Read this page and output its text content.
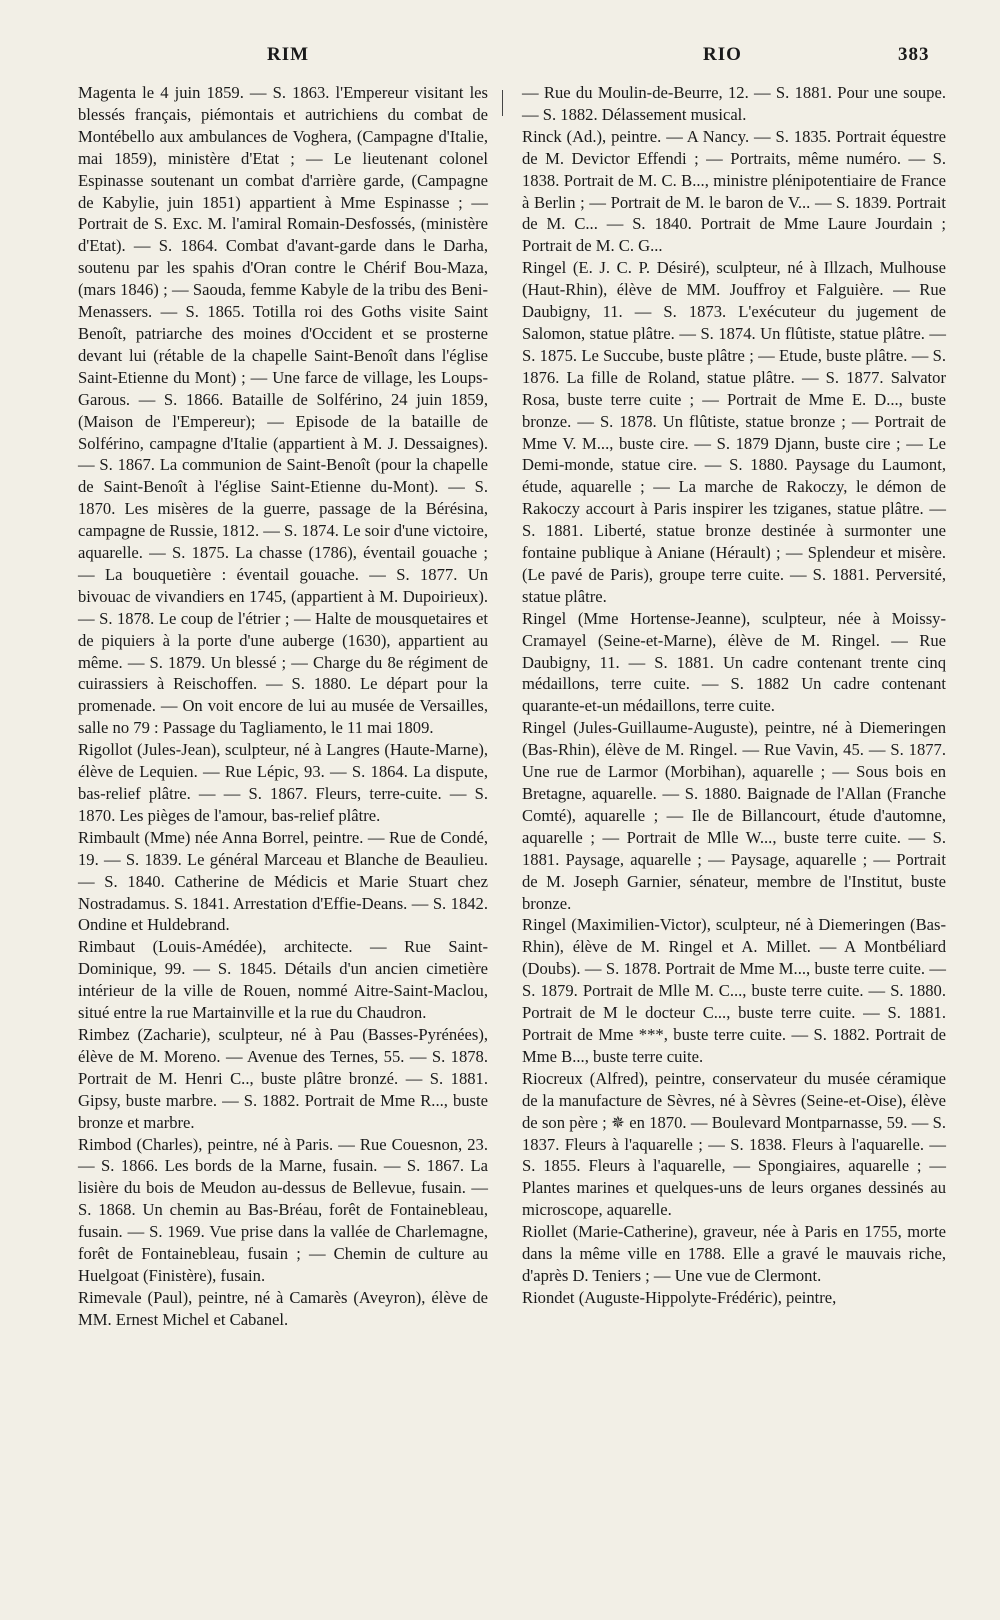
RIM	RIO	383

Magenta le 4 juin 1859. — S. 1863. l'Empereur visitant les blessés français, piémontais et autrichiens du combat de Montébello aux ambulances de Voghera, (Campagne d'Italie, mai 1859), ministère d'Etat ; — Le lieutenant colonel Espinasse soutenant un combat d'arrière garde, (Campagne de Kabylie, juin 1851) appartient à Mme Espinasse ; — Portrait de S. Exc. M. l'amiral Romain-Desfossés, (ministère d'Etat). — S. 1864. Combat d'avant-garde dans le Darha, soutenu par les spahis d'Oran contre le Chérif Bou-Maza, (mars 1846) ; — Saouda, femme Kabyle de la tribu des Beni-Menassers. — S. 1865. Totilla roi des Goths visite Saint Benoît, patriarche des moines d'Occident et se prosterne devant lui (rétable de la chapelle Saint-Benoît dans l'église Saint-Etienne du Mont) ; — Une farce de village, les Loups-Garous. — S. 1866. Bataille de Solférino, 24 juin 1859, (Maison de l'Empereur); — Episode de la bataille de Solférino, campagne d'Italie (appartient à M. J. Dessaignes). — S. 1867. La communion de Saint-Benoît (pour la chapelle de Saint-Benoît à l'église Saint-Etienne du-Mont). — S. 1870. Les misères de la guerre, passage de la Bérésina, campagne de Russie, 1812. — S. 1874. Le soir d'une victoire, aquarelle. — S. 1875. La chasse (1786), éventail gouache ; — La bouquetière : éventail gouache. — S. 1877. Un bivouac de vivandiers en 1745, (appartient à M. Dupoirieux). — S. 1878. Le coup de l'étrier ; — Halte de mousquetaires et de piquiers à la porte d'une auberge (1630), appartient au même. — S. 1879. Un blessé ; — Charge du 8e régiment de cuirassiers à Reischoffen. — S. 1880. Le départ pour la promenade. — On voit encore de lui au musée de Versailles, salle no 79 : Passage du Tagliamento, le 11 mai 1809.

Rigollot (Jules-Jean), sculpteur, né à Langres (Haute-Marne), élève de Lequien. — Rue Lépic, 93. — S. 1864. La dispute, bas-relief plâtre. — — S. 1867. Fleurs, terre-cuite. — S. 1870. Les pièges de l'amour, bas-relief plâtre.

Rimbault (Mme) née Anna Borrel, peintre. — Rue de Condé, 19. — S. 1839. Le général Marceau et Blanche de Beaulieu. — S. 1840. Catherine de Médicis et Marie Stuart chez Nostradamus. S. 1841. Arrestation d'Effie-Deans. — S. 1842. Ondine et Huldebrand.

Rimbaut (Louis-Amédée), architecte. — Rue Saint-Dominique, 99. — S. 1845. Détails d'un ancien cimetière intérieur de la ville de Rouen, nommé Aitre-Saint-Maclou, situé entre la rue Martainville et la rue du Chaudron.

Rimbez (Zacharie), sculpteur, né à Pau (Basses-Pyrénées), élève de M. Moreno. — Avenue des Ternes, 55. — S. 1878. Portrait de M. Henri C.., buste plâtre bronzé. — S. 1881. Gipsy, buste marbre. — S. 1882. Portrait de Mme R..., buste bronze et marbre.

Rimbod (Charles), peintre, né à Paris. — Rue Couesnon, 23. — S. 1866. Les bords de la Marne, fusain. — S. 1867. La lisière du bois de Meudon au-dessus de Bellevue, fusain. — S. 1868. Un chemin au Bas-Bréau, forêt de Fontainebleau, fusain. — S. 1969. Vue prise dans la vallée de Charlemagne, forêt de Fontainebleau, fusain ; — Chemin de culture au Huelgoat (Finistère), fusain.

Rimevale (Paul), peintre, né à Camarès (Aveyron), élève de MM. Ernest Michel et Cabanel.

— Rue du Moulin-de-Beurre, 12. — S. 1881. Pour une soupe. — S. 1882. Délassement musical.

Rinck (Ad.), peintre. — A Nancy. — S. 1835. Portrait équestre de M. Devictor Effendi ; — Portraits, même numéro. — S. 1838. Portrait de M. C. B..., ministre plénipotentiaire de France à Berlin ; — Portrait de M. le baron de V... — S. 1839. Portrait de M. C... — S. 1840. Portrait de Mme Laure Jourdain ; Portrait de M. C. G...

Ringel (E. J. C. P. Désiré), sculpteur, né à Illzach, Mulhouse (Haut-Rhin), élève de MM. Jouffroy et Falguière. — Rue Daubigny, 11. — S. 1873. L'exécuteur du jugement de Salomon, statue plâtre. — S. 1874. Un flûtiste, statue plâtre. — S. 1875. Le Succube, buste plâtre ; — Etude, buste plâtre. — S. 1876. La fille de Roland, statue plâtre. — S. 1877. Salvator Rosa, buste terre cuite ; — Portrait de Mme E. D..., buste bronze. — S. 1878. Un flûtiste, statue bronze ; — Portrait de Mme V. M..., buste cire. — S. 1879 Djann, buste cire ; — Le Demi-monde, statue cire. — S. 1880. Paysage du Laumont, étude, aquarelle ; — La marche de Rakoczy, le démon de Rakoczy accourt à Paris inspirer les tziganes, statue plâtre. — S. 1881. Liberté, statue bronze destinée à surmonter une fontaine publique à Aniane (Hérault) ; — Splendeur et misère. (Le pavé de Paris), groupe terre cuite. — S. 1881. Perversité, statue plâtre.

Ringel (Mme Hortense-Jeanne), sculpteur, née à Moissy-Cramayel (Seine-et-Marne), élève de M. Ringel. — Rue Daubigny, 11. — S. 1881. Un cadre contenant trente cinq médaillons, terre cuite. — S. 1882 Un cadre contenant quarante-et-un médaillons, terre cuite.

Ringel (Jules-Guillaume-Auguste), peintre, né à Diemeringen (Bas-Rhin), élève de M. Ringel. — Rue Vavin, 45. — S. 1877. Une rue de Larmor (Morbihan), aquarelle ; — Sous bois en Bretagne, aquarelle. — S. 1880. Baignade de l'Allan (Franche Comté), aquarelle ; — Ile de Billancourt, étude d'automne, aquarelle ; — Portrait de Mlle W..., buste terre cuite. — S. 1881. Paysage, aquarelle ; — Paysage, aquarelle ; — Portrait de M. Joseph Garnier, sénateur, membre de l'Institut, buste bronze.

Ringel (Maximilien-Victor), sculpteur, né à Diemeringen (Bas-Rhin), élève de M. Ringel et A. Millet. — A Montbéliard (Doubs). — S. 1878. Portrait de Mme M..., buste terre cuite. — S. 1879. Portrait de Mlle M. C..., buste terre cuite. — S. 1880. Portrait de M le docteur C..., buste terre cuite. — S. 1881. Portrait de Mme ***, buste terre cuite. — S. 1882. Portrait de Mme B..., buste terre cuite.

Riocreux (Alfred), peintre, conservateur du musée céramique de la manufacture de Sèvres, né à Sèvres (Seine-et-Oise), élève de son père ; ✵ en 1870. — Boulevard Montparnasse, 59. — S. 1837. Fleurs à l'aquarelle ; — S. 1838. Fleurs à l'aquarelle. — S. 1855. Fleurs à l'aquarelle, — Spongiaires, aquarelle ; — Plantes marines et quelques-uns de leurs organes dessinés au microscope, aquarelle.

Riollet (Marie-Catherine), graveur, née à Paris en 1755, morte dans la même ville en 1788. Elle a gravé le mauvais riche, d'après D. Teniers ; — Une vue de Clermont.

Riondet (Auguste-Hippolyte-Frédéric), peintre,
